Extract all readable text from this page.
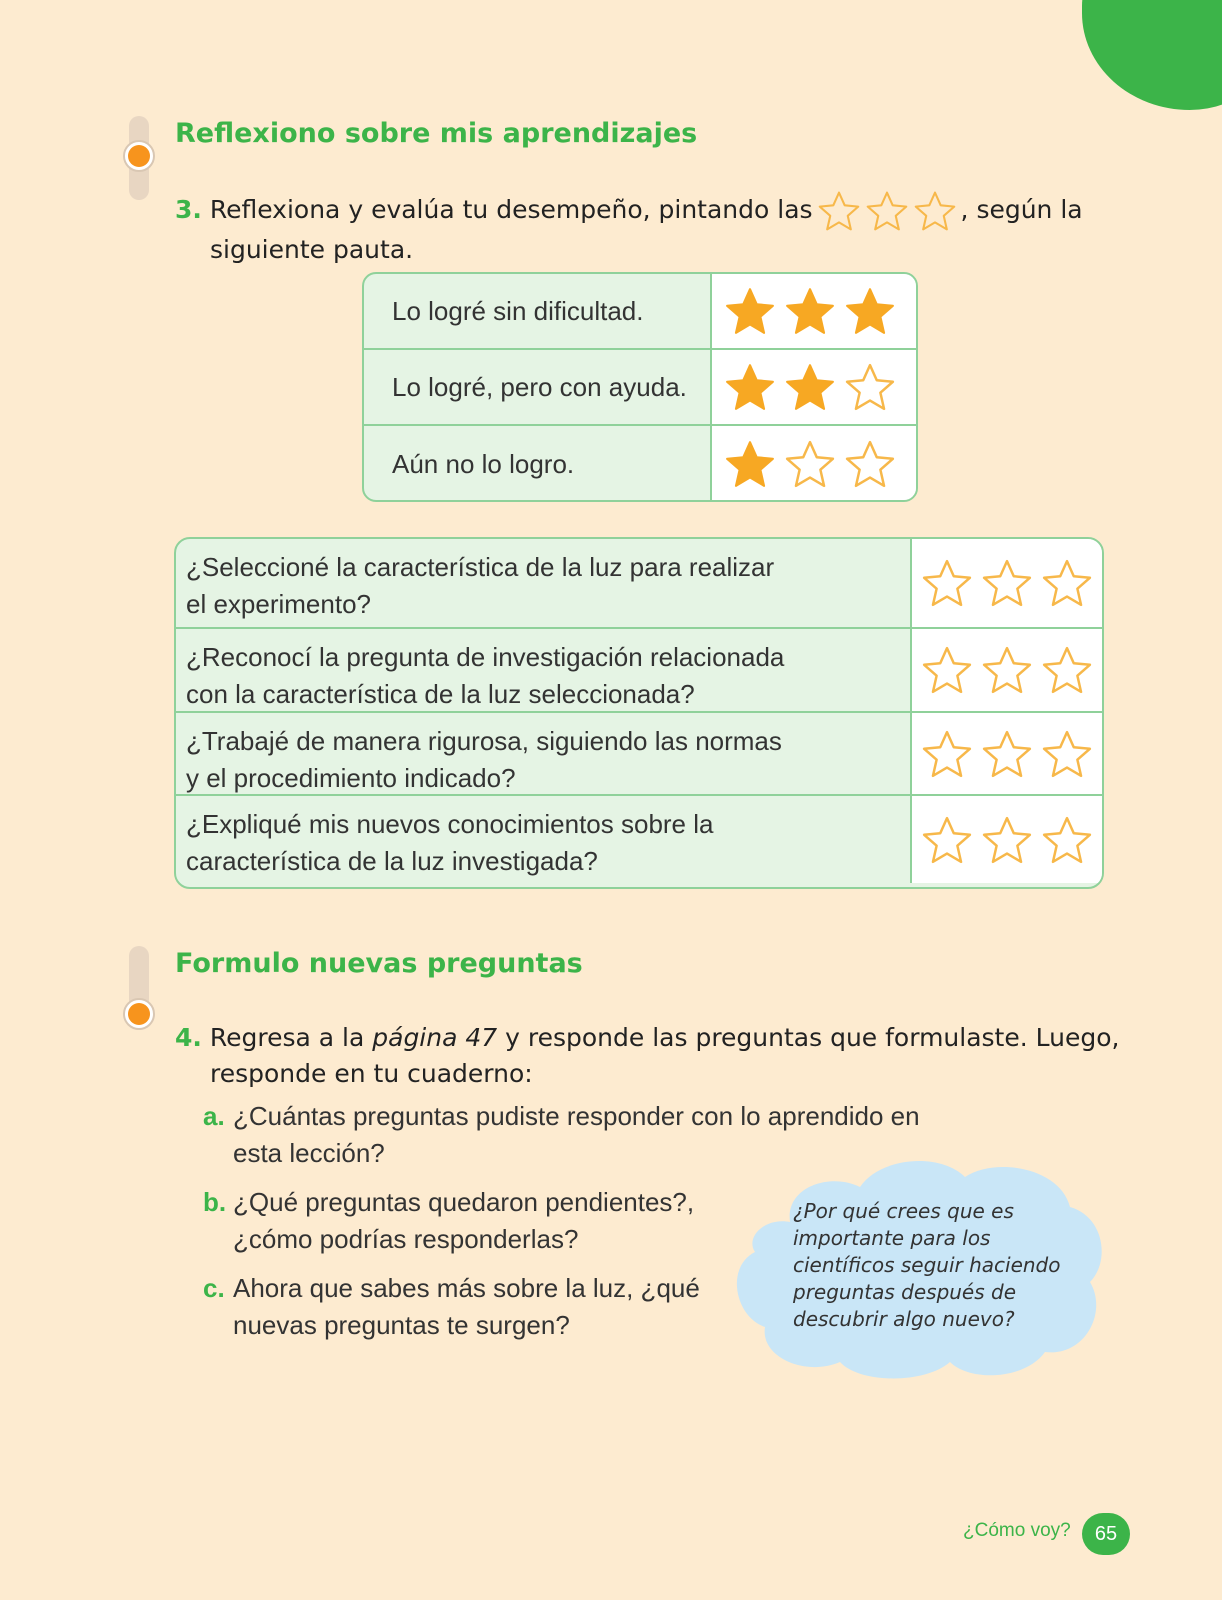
Reflexiono sobre mis aprendizajes
3. Reflexiona y evalúa tu desempeño, pintando las	, según la
siguiente pauta.
Lo logré sin dificultad.
Lo logré, pero con ayuda.
Aún no lo logro.
¿Seleccioné la característica de la luz para realizar
el experimento?
¿Reconocí la pregunta de investigación relacionada
con la característica de la luz seleccionada?
¿Trabajé de manera rigurosa, siguiendo las normas
y el procedimiento indicado?
¿Expliqué mis nuevos conocimientos sobre la
característica de la luz investigada?
Formulo nuevas preguntas
4. Regresa a la página 47 y responde las preguntas que formulaste. Luego,
responde en tu cuaderno:
a. ¿Cuántas preguntas pudiste responder con lo aprendido en
esta lección?
b. ¿Qué preguntas quedaron pendientes?,
¿cómo podrías responderlas?
c. Ahora que sabes más sobre la luz, ¿qué
nuevas preguntas te surgen?
¿Por qué crees que es
importante para los
científicos seguir haciendo
preguntas después de
descubrir algo nuevo?
¿Cómo voy?	65
